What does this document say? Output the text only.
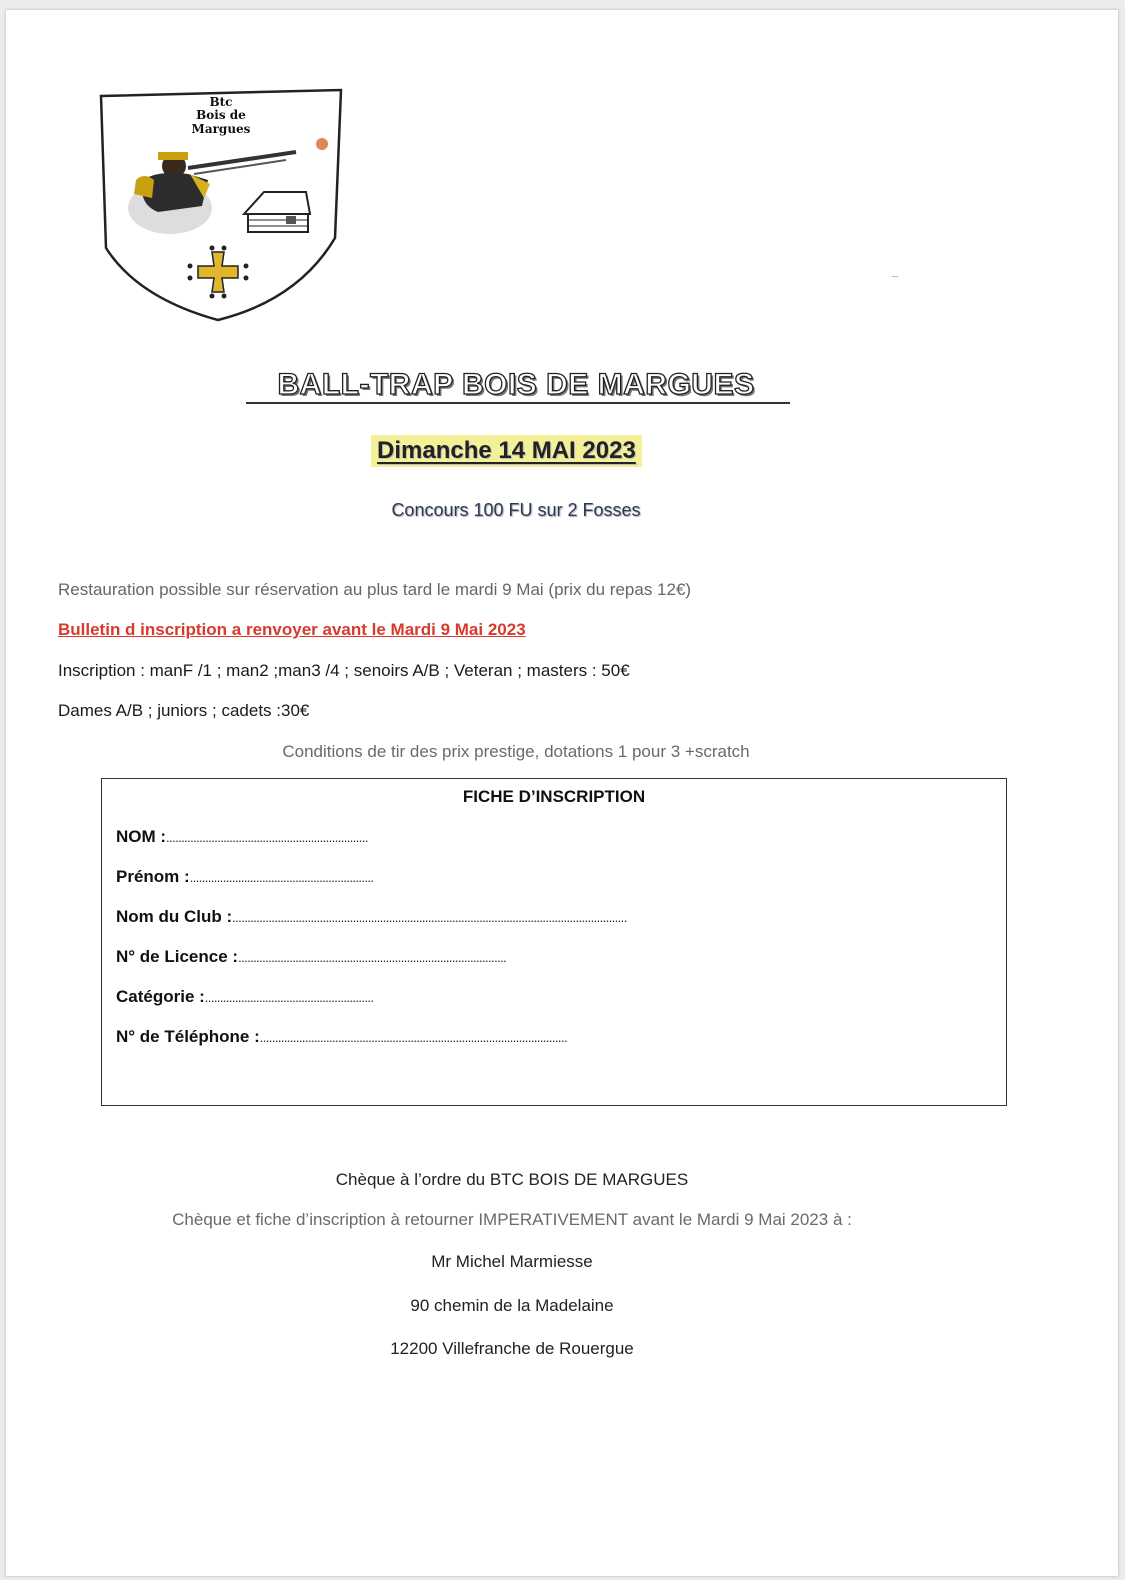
Btc
Bois de
Margues
BALL-TRAP BOIS DE MARGUES
Dimanche 14 MAI 2023
Concours 100 FU sur 2 Fosses
Restauration possible sur réservation au plus tard le mardi 9 Mai (prix du repas 12€)
Bulletin d inscription a renvoyer avant le Mardi 9 Mai 2023
Inscription : manF /1 ; man2 ;man3 /4 ; senoirs A/B ; Veteran ; masters : 50€
Dames A/B ; juniors ; cadets :30€
Conditions de tir des prix prestige, dotations 1 pour 3 +scratch
FICHE D’INSCRIPTION
NOM :...................................................................
Prénom :.............................................................
Nom du Club :...................................................................................................................................
N° de Licence :.........................................................................................
Catégorie :........................................................
N° de Téléphone :......................................................................................................
Chèque à l’ordre du BTC BOIS DE MARGUES
Chèque et fiche d’inscription à retourner IMPERATIVEMENT avant le Mardi 9 Mai 2023 à :
Mr Michel Marmiesse
90 chemin de la Madelaine
12200 Villefranche de Rouergue
